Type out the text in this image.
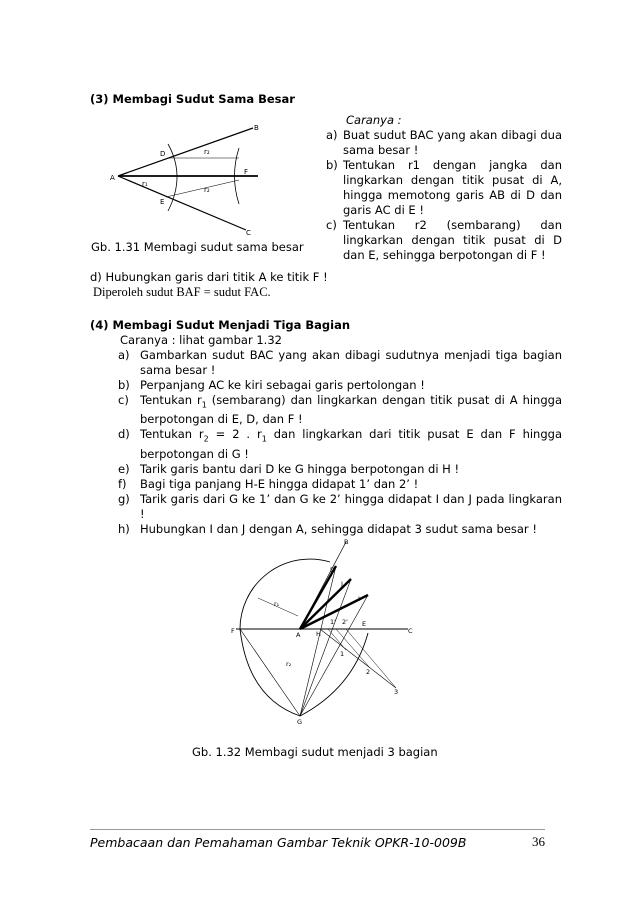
(3) Membagi Sudut Sama Besar
B
D
A
F
E
C
r₂
r₁
r₂
Gb. 1.31 Membagi sudut sama besar
Caranya :
a) Buat sudut BAC yang akan dibagi dua sama besar !
b) Tentukan r1 dengan jangka dan lingkarkan dengan titik pusat di A, hingga memotong garis AB di D dan garis AC di E !
c) Tentukan r2 (sembarang) dan lingkarkan dengan titik pusat di D dan E, sehingga berpotongan di F !
d) Hubungkan garis dari titik A ke titik F !
Diperoleh sudut BAF = sudut FAC.
(4) Membagi Sudut Menjadi Tiga Bagian
Caranya : lihat gambar 1.32
a) Gambarkan sudut BAC yang akan dibagi sudutnya menjadi tiga bagian sama besar !
b) Perpanjang AC ke kiri sebagai garis pertolongan !
c) Tentukan $r_1$ (sembarang) dan lingkarkan dengan titik pusat di A hingga berpotongan di E, D, dan F !
d) Tentukan $r_2 = 2$ . $r_1$ dan lingkarkan dari titik pusat E dan F hingga berpotongan di G !
e) Tarik garis bantu dari D ke G hingga berpotongan di H !
f) Bagi tiga panjang H-E hingga didapat 1’ dan 2’ !
g) Tarik garis dari G ke 1’ dan G ke 2’ hingga didapat I dan J pada lingkaran !
h) Hubungkan I dan J dengan A, sehingga didapat 3 sudut sama besar !
B
D
J
I
F	A H
E
C
G
r₁
r₂
1
2
3
1' 2'
Gb. 1.32 Membagi sudut menjadi 3 bagian
Pembacaan dan Pemahaman Gambar Teknik OPKR-10-009B	36
